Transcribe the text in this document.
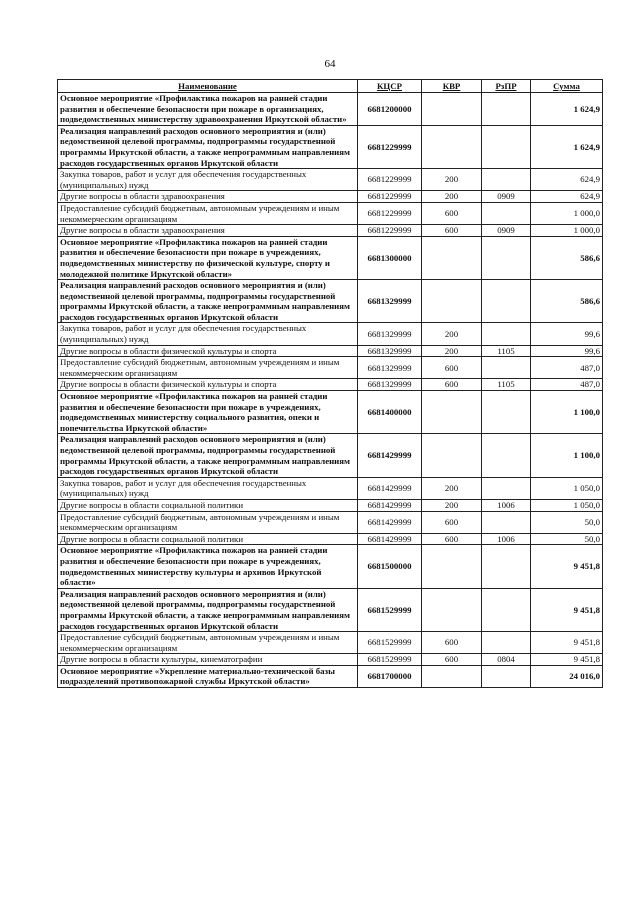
64
Наименование	КЦСР	КВР	РзПР	Сумма
Основное мероприятие «Профилактика пожаров на ранней стадии развития и обеспечение безопасности при пожаре в организациях, подведомственных министерству здравоохранения Иркутской области»	6681200000			1 624,9
Реализация направлений расходов основного мероприятия и (или) ведомственной целевой программы, подпрограммы государственной программы Иркутской области, а также непрограммным направлениям расходов государственных органов Иркутской области	6681229999			1 624,9
Закупка товаров, работ и услуг для обеспечения государственных (муниципальных) нужд	6681229999	200		624,9
Другие вопросы в области здравоохранения	6681229999	200	0909	624,9
Предоставление субсидий бюджетным, автономным учреждениям и иным некоммерческим организациям	6681229999	600		1 000,0
Другие вопросы в области здравоохранения	6681229999	600	0909	1 000,0
Основное мероприятие «Профилактика пожаров на ранней стадии развития и обеспечение безопасности при пожаре в учреждениях, подведомственных министерству по физической культуре, спорту и молодежной политике Иркутской области»	6681300000			586,6
Реализация направлений расходов основного мероприятия и (или) ведомственной целевой программы, подпрограммы государственной программы Иркутской области, а также непрограммным направлениям расходов государственных органов Иркутской области	6681329999			586,6
Закупка товаров, работ и услуг для обеспечения государственных (муниципальных) нужд	6681329999	200		99,6
Другие вопросы в области физической культуры и спорта	6681329999	200	1105	99,6
Предоставление субсидий бюджетным, автономным учреждениям и иным некоммерческим организациям	6681329999	600		487,0
Другие вопросы в области физической культуры и спорта	6681329999	600	1105	487,0
Основное мероприятие «Профилактика пожаров на ранней стадии развития и обеспечение безопасности при пожаре в учреждениях, подведомственных министерству социального развития, опеки и попечительства Иркутской области»	6681400000			1 100,0
Реализация направлений расходов основного мероприятия и (или) ведомственной целевой программы, подпрограммы государственной программы Иркутской области, а также непрограммным направлениям расходов государственных органов Иркутской области	6681429999			1 100,0
Закупка товаров, работ и услуг для обеспечения государственных (муниципальных) нужд	6681429999	200		1 050,0
Другие вопросы в области социальной политики	6681429999	200	1006	1 050,0
Предоставление субсидий бюджетным, автономным учреждениям и иным некоммерческим организациям	6681429999	600		50,0
Другие вопросы в области социальной политики	6681429999	600	1006	50,0
Основное мероприятие «Профилактика пожаров на ранней стадии развития и обеспечение безопасности при пожаре в учреждениях, подведомственных министерству культуры и архивов Иркутской области»	6681500000			9 451,8
Реализация направлений расходов основного мероприятия и (или) ведомственной целевой программы, подпрограммы государственной программы Иркутской области, а также непрограммным направлениям расходов государственных органов Иркутской области	6681529999			9 451,8
Предоставление субсидий бюджетным, автономным учреждениям и иным некоммерческим организациям	6681529999	600		9 451,8
Другие вопросы в области культуры, кинематографии	6681529999	600	0804	9 451,8
Основное мероприятие «Укрепление материально-технической базы подразделений противопожарной службы Иркутской области»	6681700000			24 016,0
